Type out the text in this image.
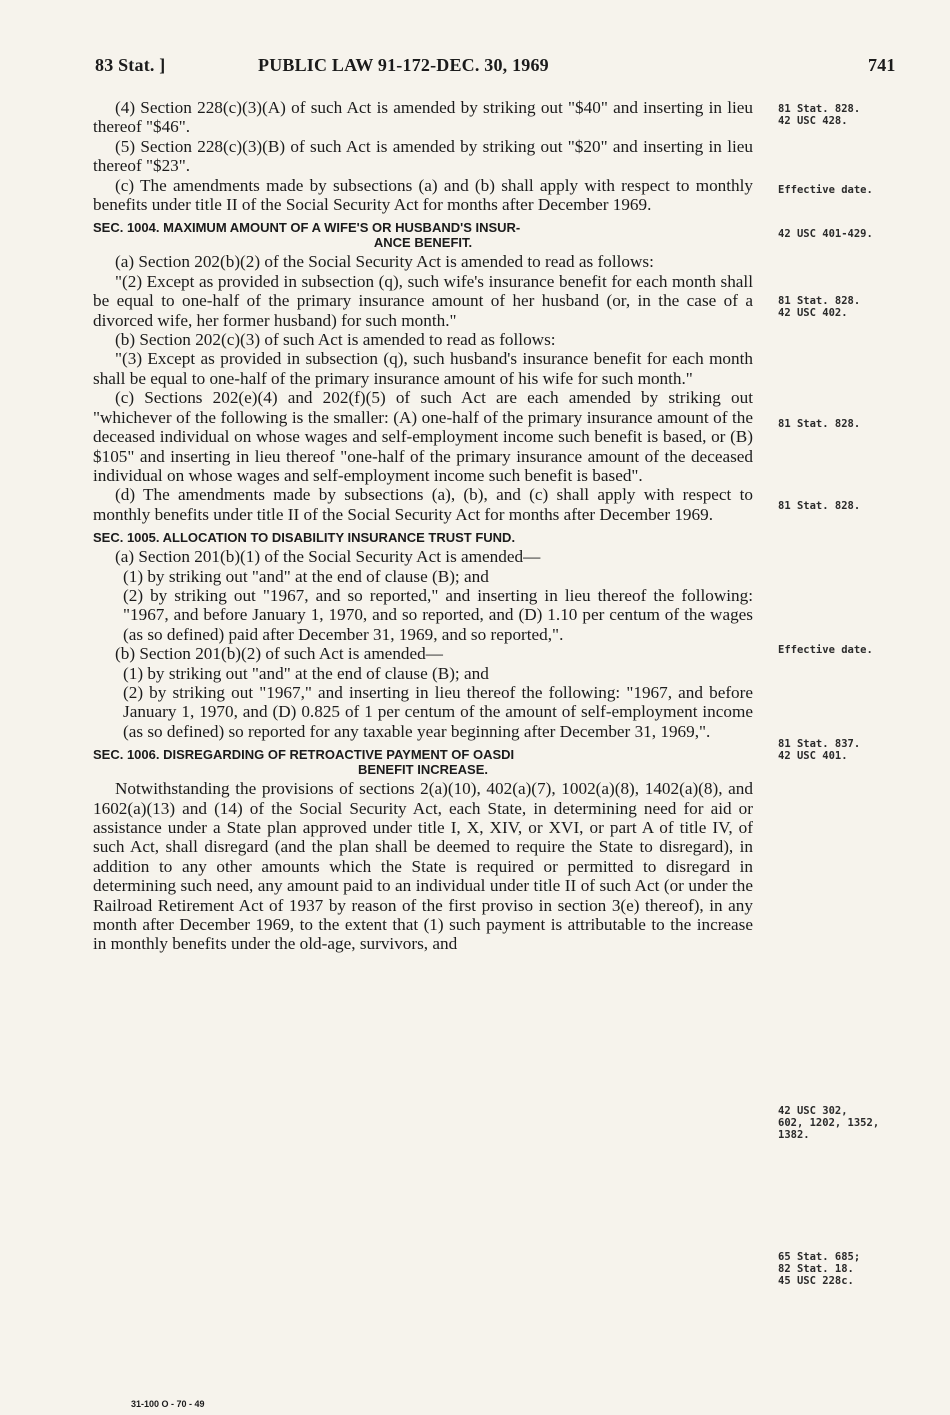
83 Stat. ]	PUBLIC LAW 91-172-DEC. 30, 1969	741

(4) Section 228(c)(3)(A) of such Act is amended by striking out "$40" and inserting in lieu thereof "$46".

(5) Section 228(c)(3)(B) of such Act is amended by striking out "$20" and inserting in lieu thereof "$23".

(c) The amendments made by subsections (a) and (b) shall apply with respect to monthly benefits under title II of the Social Security Act for months after December 1969.

SEC. 1004. MAXIMUM AMOUNT OF A WIFE'S OR HUSBAND'S INSUR-
ANCE BENEFIT.

(a) Section 202(b)(2) of the Social Security Act is amended to read as follows:

"(2) Except as provided in subsection (q), such wife's insurance benefit for each month shall be equal to one-half of the primary insurance amount of her husband (or, in the case of a divorced wife, her former husband) for such month."

(b) Section 202(c)(3) of such Act is amended to read as follows:

"(3) Except as provided in subsection (q), such husband's insurance benefit for each month shall be equal to one-half of the primary insurance amount of his wife for such month."

(c) Sections 202(e)(4) and 202(f)(5) of such Act are each amended by striking out "whichever of the following is the smaller: (A) one-half of the primary insurance amount of the deceased individual on whose wages and self-employment income such benefit is based, or (B) $105" and inserting in lieu thereof "one-half of the primary insurance amount of the deceased individual on whose wages and self-employment income such benefit is based".

(d) The amendments made by subsections (a), (b), and (c) shall apply with respect to monthly benefits under title II of the Social Security Act for months after December 1969.

SEC. 1005. ALLOCATION TO DISABILITY INSURANCE TRUST FUND.

(a) Section 201(b)(1) of the Social Security Act is amended—

(1) by striking out "and" at the end of clause (B); and

(2) by striking out "1967, and so reported," and inserting in lieu thereof the following: "1967, and before January 1, 1970, and so reported, and (D) 1.10 per centum of the wages (as so defined) paid after December 31, 1969, and so reported,".

(b) Section 201(b)(2) of such Act is amended—

(1) by striking out "and" at the end of clause (B); and

(2) by striking out "1967," and inserting in lieu thereof the following: "1967, and before January 1, 1970, and (D) 0.825 of 1 per centum of the amount of self-employment income (as so defined) so reported for any taxable year beginning after December 31, 1969,".

SEC. 1006. DISREGARDING OF RETROACTIVE PAYMENT OF OASDI
BENEFIT INCREASE.

Notwithstanding the provisions of sections 2(a)(10), 402(a)(7), 1002(a)(8), 1402(a)(8), and 1602(a)(13) and (14) of the Social Security Act, each State, in determining need for aid or assistance under a State plan approved under title I, X, XIV, or XVI, or part A of title IV, of such Act, shall disregard (and the plan shall be deemed to require the State to disregard), in addition to any other amounts which the State is required or permitted to disregard in determining such need, any amount paid to an individual under title II of such Act (or under the Railroad Retirement Act of 1937 by reason of the first proviso in section 3(e) thereof), in any month after December 1969, to the extent that (1) such payment is attributable to the increase in monthly benefits under the old-age, survivors, and

81 Stat. 828.
42 USC 428.
Effective date.
42 USC 401-429.
81 Stat. 828.
42 USC 402.
81 Stat. 828.
81 Stat. 828.
Effective date.
81 Stat. 837.
42 USC 401.
42 USC 302,
602, 1202, 1352,
1382.
65 Stat. 685;
82 Stat. 18.
45 USC 228c.
31-100 O - 70 - 49
